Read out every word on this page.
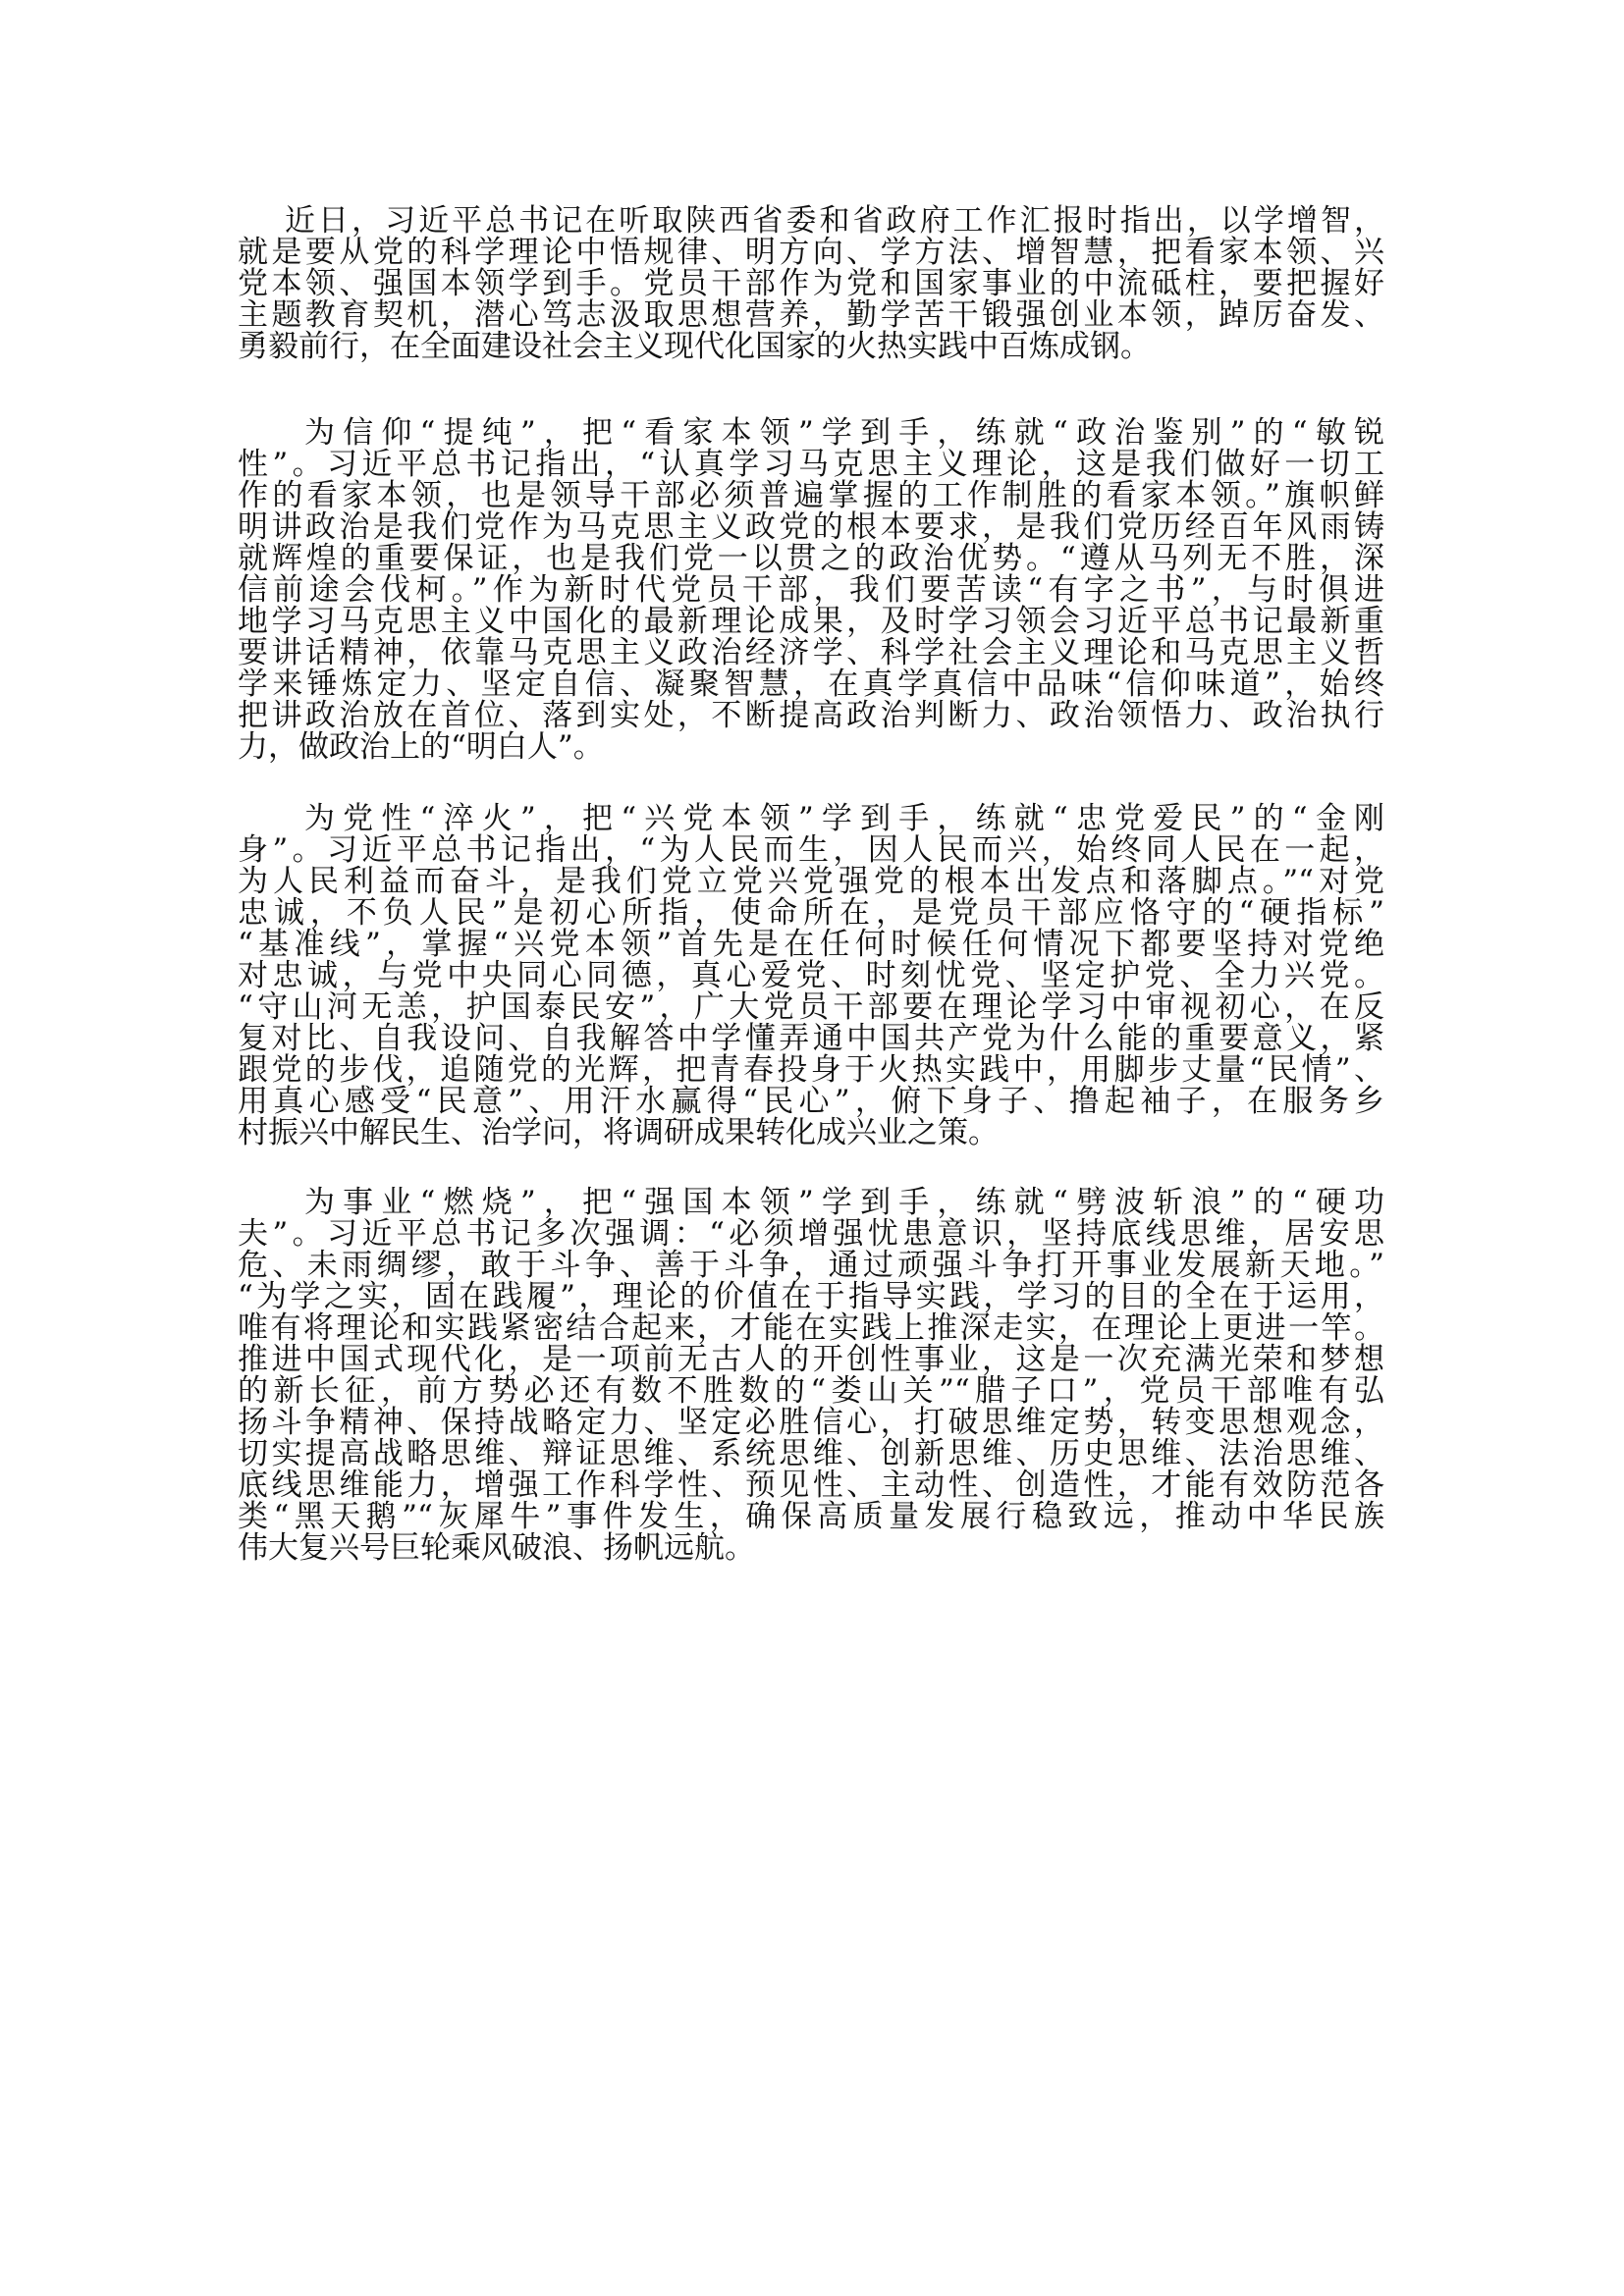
近日，习近平总书记在听取陕西省委和省政府工作汇报时指出，以学增智，
就是要从党的科学理论中悟规律、明方向、学方法、增智慧，把看家本领、兴
党本领、强国本领学到手。党员干部作为党和国家事业的中流砥柱，要把握好
主题教育契机，潜心笃志汲取思想营养，勤学苦干锻强创业本领，踔厉奋发、
勇毅前行，在全面建设社会主义现代化国家的火热实践中百炼成钢。
为信仰“提纯”，把“看家本领”学到手，练就“政治鉴别”的“敏锐
性”。习近平总书记指出，“认真学习马克思主义理论，这是我们做好一切工
作的看家本领，也是领导干部必须普遍掌握的工作制胜的看家本领。”旗帜鲜
明讲政治是我们党作为马克思主义政党的根本要求，是我们党历经百年风雨铸
就辉煌的重要保证，也是我们党一以贯之的政治优势。“遵从马列无不胜，深
信前途会伐柯。”作为新时代党员干部，我们要苦读“有字之书”，与时俱进
地学习马克思主义中国化的最新理论成果，及时学习领会习近平总书记最新重
要讲话精神，依靠马克思主义政治经济学、科学社会主义理论和马克思主义哲
学来锤炼定力、坚定自信、凝聚智慧，在真学真信中品味“信仰味道”，始终
把讲政治放在首位、落到实处，不断提高政治判断力、政治领悟力、政治执行
力，做政治上的“明白人”。
为党性“淬火”，把“兴党本领”学到手，练就“忠党爱民”的“金刚
身”。习近平总书记指出，“为人民而生，因人民而兴，始终同人民在一起，
为人民利益而奋斗，是我们党立党兴党强党的根本出发点和落脚点。”“对党
忠诚，不负人民”是初心所指，使命所在，是党员干部应恪守的“硬指标”
“基准线”，掌握“兴党本领”首先是在任何时候任何情况下都要坚持对党绝
对忠诚，与党中央同心同德，真心爱党、时刻忧党、坚定护党、全力兴党。
“守山河无恙，护国泰民安”，广大党员干部要在理论学习中审视初心，在反
复对比、自我设问、自我解答中学懂弄通中国共产党为什么能的重要意义，紧
跟党的步伐，追随党的光辉，把青春投身于火热实践中，用脚步丈量“民情”、
用真心感受“民意”、用汗水赢得“民心”，俯下身子、撸起袖子，在服务乡
村振兴中解民生、治学问，将调研成果转化成兴业之策。
为事业“燃烧”，把“强国本领”学到手，练就“劈波斩浪”的“硬功
夫”。习近平总书记多次强调：“必须增强忧患意识，坚持底线思维，居安思
危、未雨绸缪，敢于斗争、善于斗争，通过顽强斗争打开事业发展新天地。”
“为学之实，固在践履”，理论的价值在于指导实践，学习的目的全在于运用，
唯有将理论和实践紧密结合起来，才能在实践上推深走实，在理论上更进一竿。
推进中国式现代化，是一项前无古人的开创性事业，这是一次充满光荣和梦想
的新长征，前方势必还有数不胜数的“娄山关”“腊子口”，党员干部唯有弘
扬斗争精神、保持战略定力、坚定必胜信心，打破思维定势，转变思想观念，
切实提高战略思维、辩证思维、系统思维、创新思维、历史思维、法治思维、
底线思维能力，增强工作科学性、预见性、主动性、创造性，才能有效防范各
类“黑天鹅”“灰犀牛”事件发生，确保高质量发展行稳致远，推动中华民族
伟大复兴号巨轮乘风破浪、扬帆远航。
